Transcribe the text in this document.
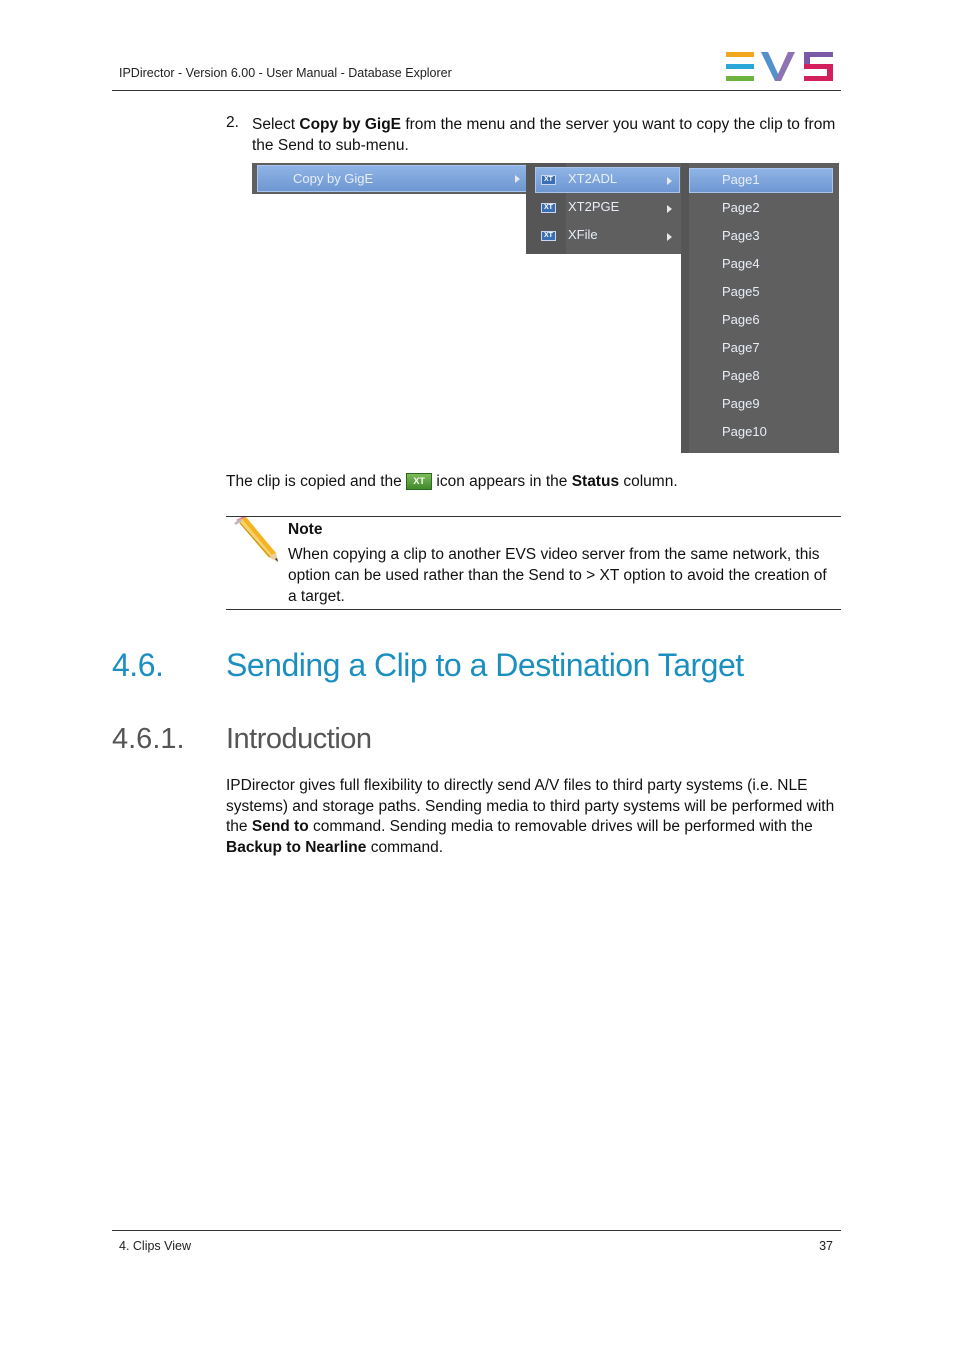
IPDirector - Version 6.00 - User Manual - Database Explorer
2. Select Copy by GigE from the menu and the server you want to copy the clip to from the Send to sub-menu.
Copy by GigE	XT XT2ADL
XT XT2PGE
XT XFile
Page1
Page2
Page3
Page4
Page5
Page6
Page7
Page8
Page9
Page10
The clip is copied and the XT icon appears in the Status column.
Note
When copying a clip to another EVS video server from the same network, this option can be used rather than the Send to > XT option to avoid the creation of a target.
4.6. Sending a Clip to a Destination Target
4.6.1. Introduction
IPDirector gives full flexibility to directly send A/V files to third party systems (i.e. NLE systems) and storage paths. Sending media to third party systems will be performed with the Send to command. Sending media to removable drives will be performed with the Backup to Nearline command.
4. Clips View	37
